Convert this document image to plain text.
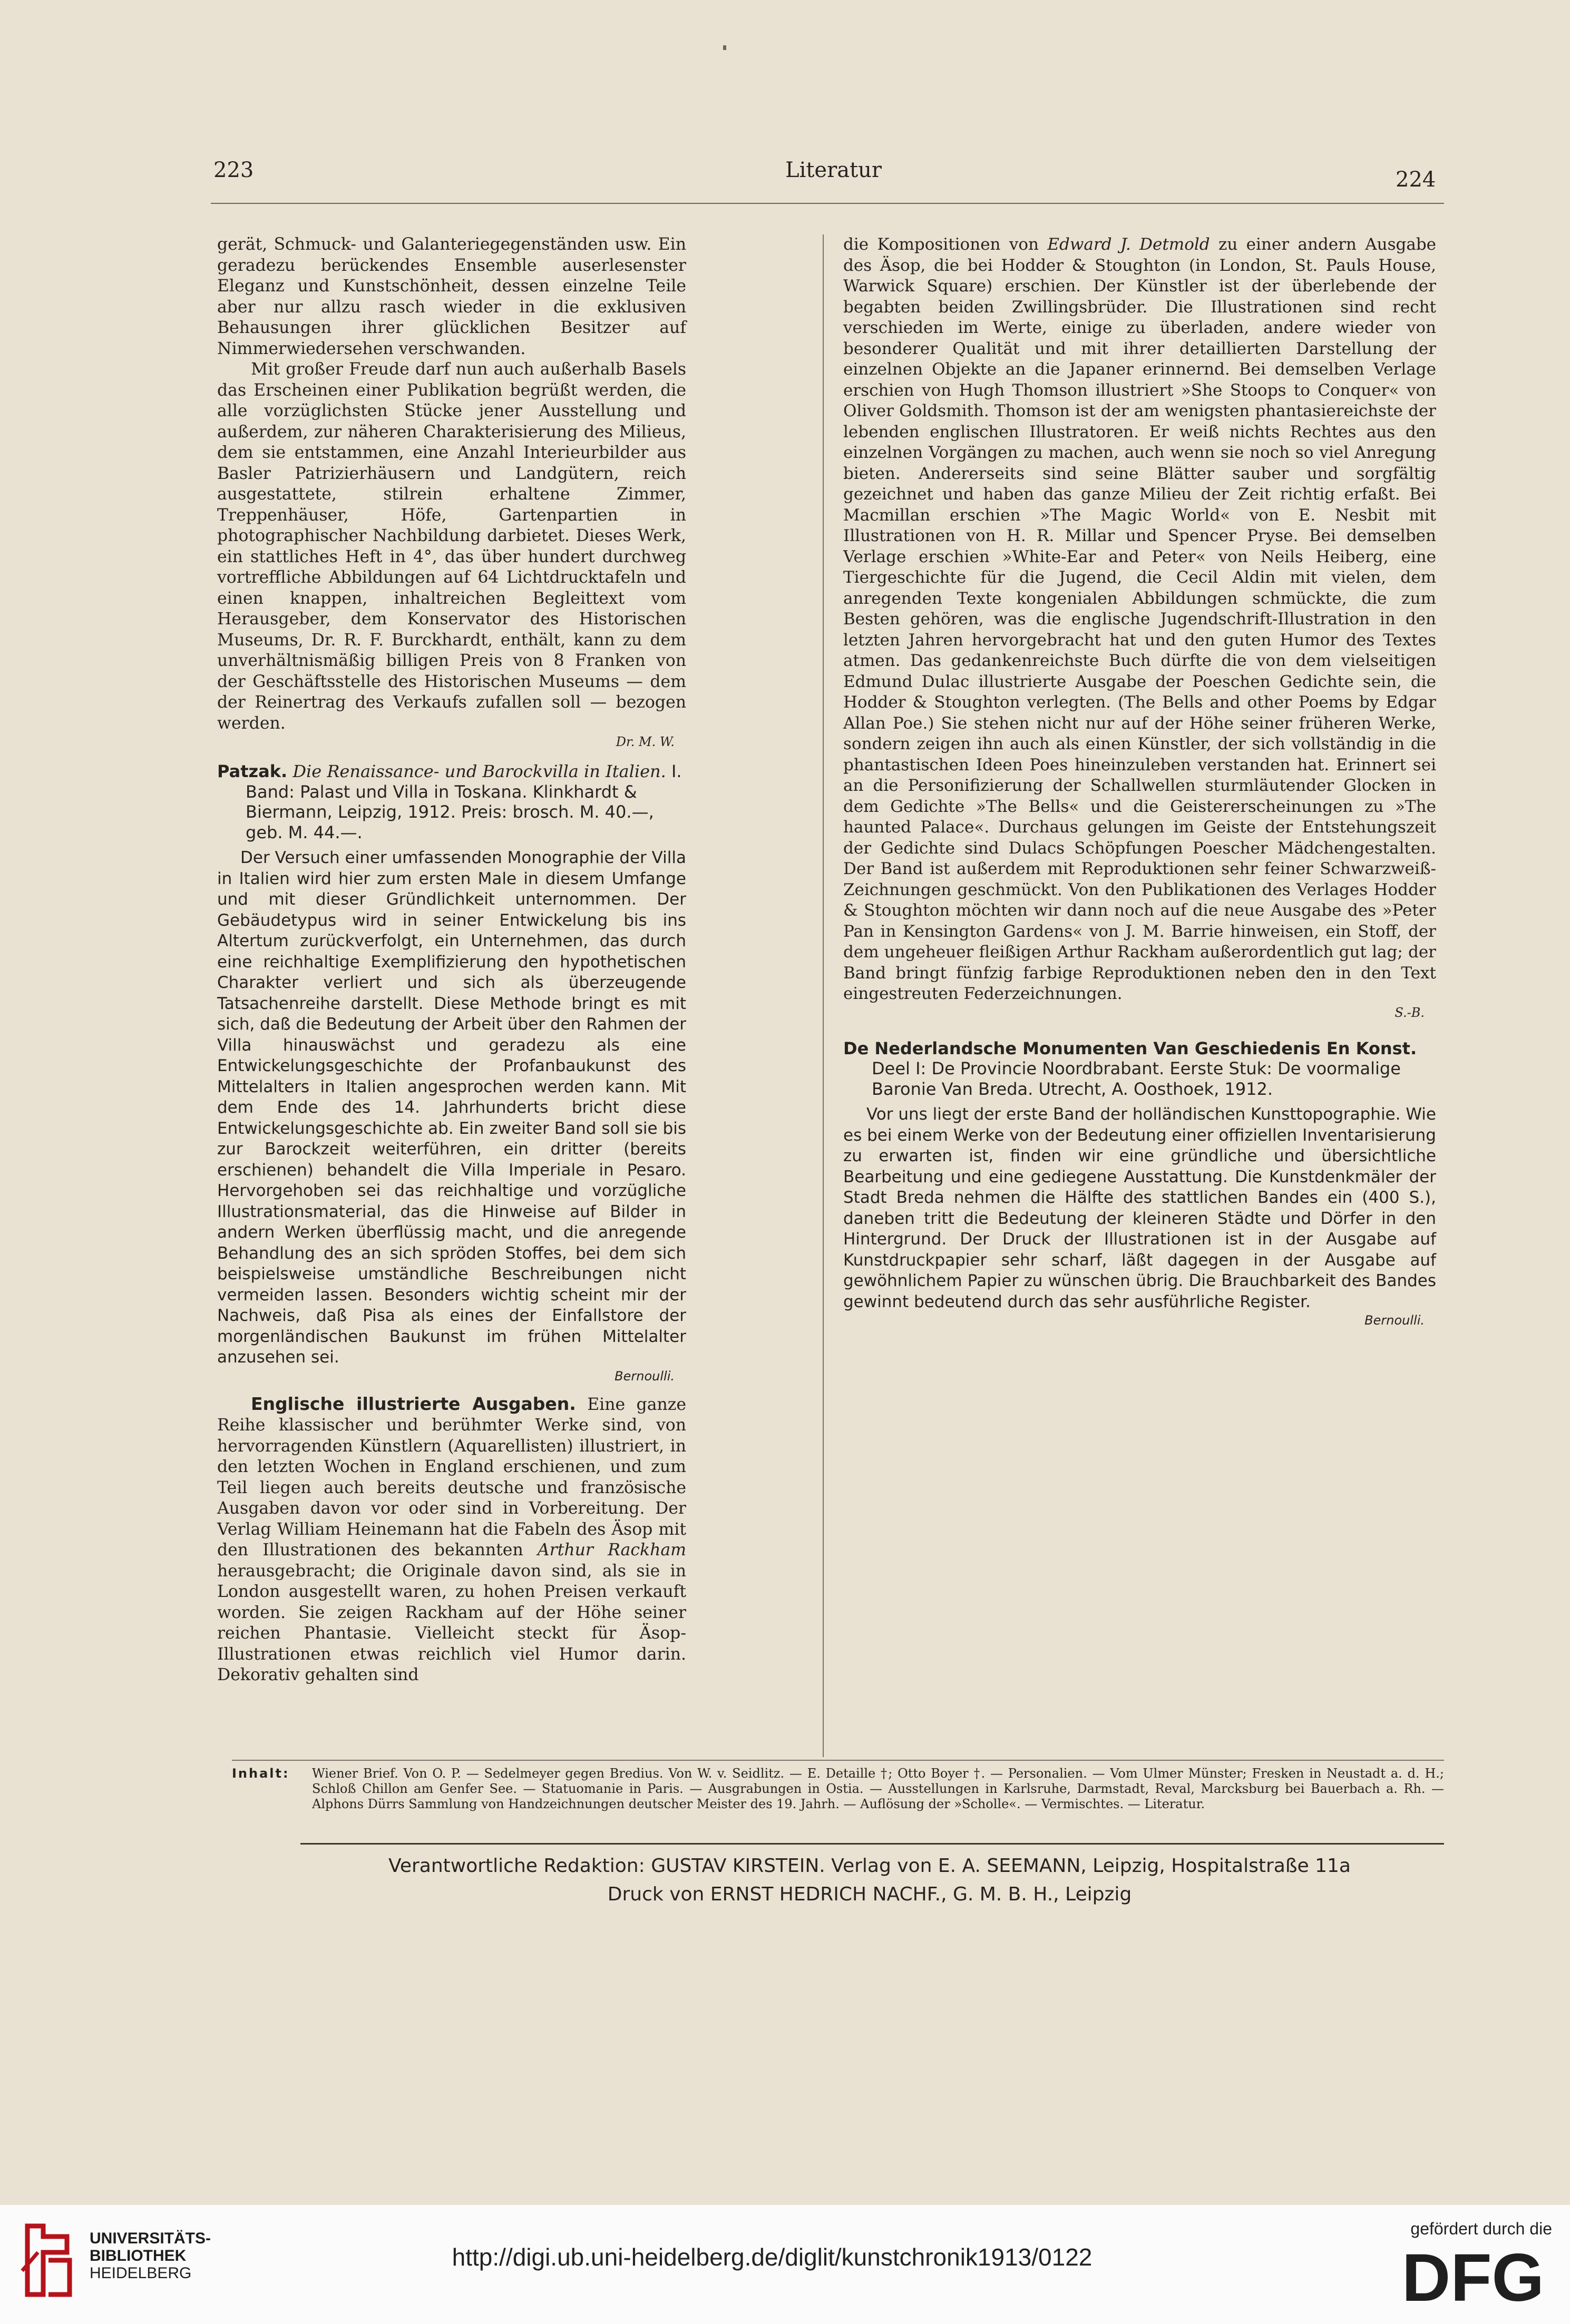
223	Literatur	224

gerät, Schmuck- und Galanteriegegenständen usw. Ein geradezu berückendes Ensemble auserlesenster Eleganz und Kunstschönheit, dessen einzelne Teile aber nur allzu rasch wieder in die exklusiven Behausungen ihrer glücklichen Besitzer auf Nimmerwiedersehen verschwanden.

Mit großer Freude darf nun auch außerhalb Basels das Erscheinen einer Publikation begrüßt werden, die alle vorzüglichsten Stücke jener Ausstellung und außerdem, zur näheren Charakterisierung des Milieus, dem sie entstammen, eine Anzahl Interieurbilder aus Basler Patrizierhäusern und Landgütern, reich ausgestattete, stilrein erhaltene Zimmer, Treppenhäuser, Höfe, Gartenpartien in photographischer Nachbildung darbietet. Dieses Werk, ein stattliches Heft in 4°, das über hundert durchweg vortreffliche Abbildungen auf 64 Lichtdrucktafeln und einen knappen, inhaltreichen Begleittext vom Herausgeber, dem Konservator des Historischen Museums, Dr. R. F. Burckhardt, enthält, kann zu dem unverhältnismäßig billigen Preis von 8 Franken von der Geschäftsstelle des Historischen Museums — dem der Reinertrag des Verkaufs zufallen soll — bezogen werden.

Dr. M. W.
Patzak. Die Renaissance- und Barockvilla in Italien. I. Band: Palast und Villa in Toskana. Klinkhardt & Biermann, Leipzig, 1912. Preis: brosch. M. 40.—, geb. M. 44.—.

Der Versuch einer umfassenden Monographie der Villa in Italien wird hier zum ersten Male in diesem Umfange und mit dieser Gründlichkeit unternommen. Der Gebäudetypus wird in seiner Entwickelung bis ins Altertum zurückverfolgt, ein Unternehmen, das durch eine reichhaltige Exemplifizierung den hypothetischen Charakter verliert und sich als überzeugende Tatsachenreihe darstellt. Diese Methode bringt es mit sich, daß die Bedeutung der Arbeit über den Rahmen der Villa hinauswächst und geradezu als eine Entwickelungsgeschichte der Profanbaukunst des Mittelalters in Italien angesprochen werden kann. Mit dem Ende des 14. Jahrhunderts bricht diese Entwickelungsgeschichte ab. Ein zweiter Band soll sie bis zur Barockzeit weiterführen, ein dritter (bereits erschienen) behandelt die Villa Imperiale in Pesaro. Hervorgehoben sei das reichhaltige und vorzügliche Illustrationsmaterial, das die Hinweise auf Bilder in andern Werken überflüssig macht, und die anregende Behandlung des an sich spröden Stoffes, bei dem sich beispielsweise umständliche Beschreibungen nicht vermeiden lassen. Besonders wichtig scheint mir der Nachweis, daß Pisa als eines der Einfallstore der morgenländischen Baukunst im frühen Mittelalter anzusehen sei.

Bernoulli.

Englische illustrierte Ausgaben. Eine ganze Reihe klassischer und berühmter Werke sind, von hervorragenden Künstlern (Aquarellisten) illustriert, in den letzten Wochen in England erschienen, und zum Teil liegen auch bereits deutsche und französische Ausgaben davon vor oder sind in Vorbereitung. Der Verlag William Heinemann hat die Fabeln des Äsop mit den Illustrationen des bekannten Arthur Rackham herausgebracht; die Originale davon sind, als sie in London ausgestellt waren, zu hohen Preisen verkauft worden. Sie zeigen Rackham auf der Höhe seiner reichen Phantasie. Vielleicht steckt für Äsop-Illustrationen etwas reichlich viel Humor darin. Dekorativ gehalten sind

die Kompositionen von Edward J. Detmold zu einer andern Ausgabe des Äsop, die bei Hodder & Stoughton (in London, St. Pauls House, Warwick Square) erschien. Der Künstler ist der überlebende der begabten beiden Zwillingsbrüder. Die Illustrationen sind recht verschieden im Werte, einige zu überladen, andere wieder von besonderer Qualität und mit ihrer detaillierten Darstellung der einzelnen Objekte an die Japaner erinnernd. Bei demselben Verlage erschien von Hugh Thomson illustriert »She Stoops to Conquer« von Oliver Goldsmith. Thomson ist der am wenigsten phantasiereichste der lebenden englischen Illustratoren. Er weiß nichts Rechtes aus den einzelnen Vorgängen zu machen, auch wenn sie noch so viel Anregung bieten. Andererseits sind seine Blätter sauber und sorgfältig gezeichnet und haben das ganze Milieu der Zeit richtig erfaßt. Bei Macmillan erschien »The Magic World« von E. Nesbit mit Illustrationen von H. R. Millar und Spencer Pryse. Bei demselben Verlage erschien »White-Ear and Peter« von Neils Heiberg, eine Tiergeschichte für die Jugend, die Cecil Aldin mit vielen, dem anregenden Texte kongenialen Abbildungen schmückte, die zum Besten gehören, was die englische Jugendschrift-Illustration in den letzten Jahren hervorgebracht hat und den guten Humor des Textes atmen. Das gedankenreichste Buch dürfte die von dem vielseitigen Edmund Dulac illustrierte Ausgabe der Poeschen Gedichte sein, die Hodder & Stoughton verlegten. (The Bells and other Poems by Edgar Allan Poe.) Sie stehen nicht nur auf der Höhe seiner früheren Werke, sondern zeigen ihn auch als einen Künstler, der sich vollständig in die phantastischen Ideen Poes hineinzuleben verstanden hat. Erinnert sei an die Personifizierung der Schallwellen sturmläutender Glocken in dem Gedichte »The Bells« und die Geistererscheinungen zu »The haunted Palace«. Durchaus gelungen im Geiste der Entstehungszeit der Gedichte sind Dulacs Schöpfungen Poescher Mädchengestalten. Der Band ist außerdem mit Reproduktionen sehr feiner Schwarzweiß-Zeichnungen geschmückt. Von den Publikationen des Verlages Hodder & Stoughton möchten wir dann noch auf die neue Ausgabe des »Peter Pan in Kensington Gardens« von J. M. Barrie hinweisen, ein Stoff, der dem ungeheuer fleißigen Arthur Rackham außerordentlich gut lag; der Band bringt fünfzig farbige Reproduktionen neben den in den Text eingestreuten Federzeichnungen.

S.-B.
De Nederlandsche Monumenten Van Geschiedenis En Konst. Deel I: De Provincie Noordbrabant. Eerste Stuk: De voormalige Baronie Van Breda. Utrecht, A. Oosthoek, 1912.

Vor uns liegt der erste Band der holländischen Kunsttopographie. Wie es bei einem Werke von der Bedeutung einer offiziellen Inventarisierung zu erwarten ist, finden wir eine gründliche und übersichtliche Bearbeitung und eine gediegene Ausstattung. Die Kunstdenkmäler der Stadt Breda nehmen die Hälfte des stattlichen Bandes ein (400 S.), daneben tritt die Bedeutung der kleineren Städte und Dörfer in den Hintergrund. Der Druck der Illustrationen ist in der Ausgabe auf Kunstdruckpapier sehr scharf, läßt dagegen in der Ausgabe auf gewöhnlichem Papier zu wünschen übrig. Die Brauchbarkeit des Bandes gewinnt bedeutend durch das sehr ausführliche Register.

Bernoulli.
Inhalt: Wiener Brief. Von O. P. — Sedelmeyer gegen Bredius. Von W. v. Seidlitz. — E. Detaille †; Otto Boyer †. — Personalien. — Vom Ulmer Münster; Fresken in Neustadt a. d. H.; Schloß Chillon am Genfer See. — Statuomanie in Paris. — Ausgrabungen in Ostia. — Ausstellungen in Karlsruhe, Darmstadt, Reval, Marcksburg bei Bauerbach a. Rh. — Alphons Dürrs Sammlung von Handzeichnungen deutscher Meister des 19. Jahrh. — Auflösung der »Scholle«. — Vermischtes. — Literatur.
Verantwortliche Redaktion: GUSTAV KIRSTEIN. Verlag von E. A. SEEMANN, Leipzig, Hospitalstraße 11a
Druck von ERNST HEDRICH NACHF., G. M. B. H., Leipzig
UNIVERSITÄTS-
BIBLIOTHEK
HEIDELBERG
http://digi.ub.uni-heidelberg.de/diglit/kunstchronik1913/0122
gefördert durch die
DFG
